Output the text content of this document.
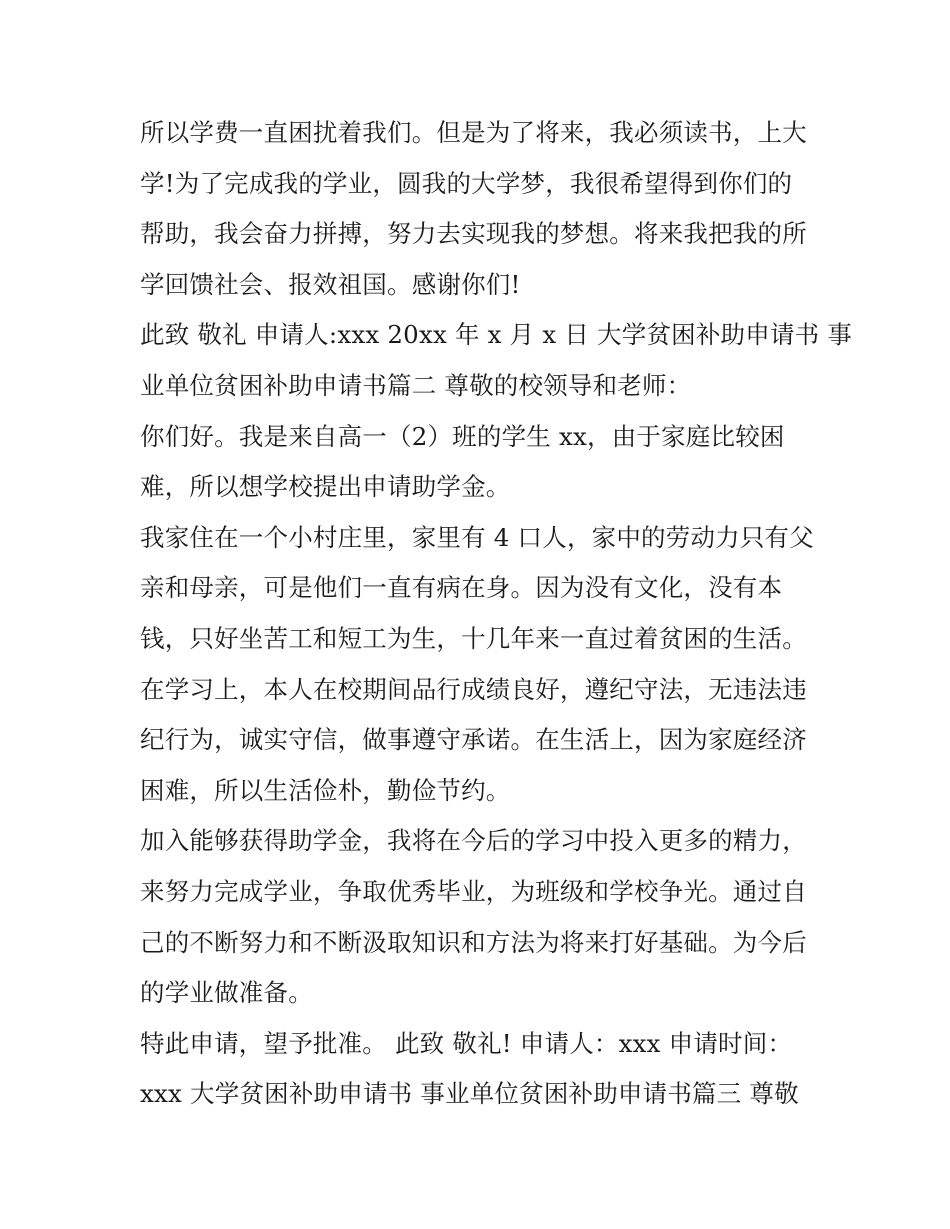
所以学费一直困扰着我们。但是为了将来，我必须读书，上大
学!为了完成我的学业，圆我的大学梦，我很希望得到你们的
帮助，我会奋力拼搏，努力去实现我的梦想。将来我把我的所
学回馈社会、报效祖国。感谢你们!
此致 敬礼 申请人:xxx 20xx 年 x 月 x 日 大学贫困补助申请书 事
业单位贫困补助申请书篇二 尊敬的校领导和老师：
你们好。我是来自高一（2）班的学生 xx，由于家庭比较困
难，所以想学校提出申请助学金。
我家住在一个小村庄里，家里有 4 口人，家中的劳动力只有父
亲和母亲，可是他们一直有病在身。因为没有文化，没有本
钱，只好坐苦工和短工为生，十几年来一直过着贫困的生活。
在学习上，本人在校期间品行成绩良好，遵纪守法，无违法违
纪行为，诚实守信，做事遵守承诺。在生活上，因为家庭经济
困难，所以生活俭朴，勤俭节约。
加入能够获得助学金，我将在今后的学习中投入更多的精力，
来努力完成学业，争取优秀毕业，为班级和学校争光。通过自
己的不断努力和不断汲取知识和方法为将来打好基础。为今后
的学业做准备。
特此申请，望予批准。 此致 敬礼! 申请人：xxx 申请时间：
xxx 大学贫困补助申请书 事业单位贫困补助申请书篇三 尊敬
